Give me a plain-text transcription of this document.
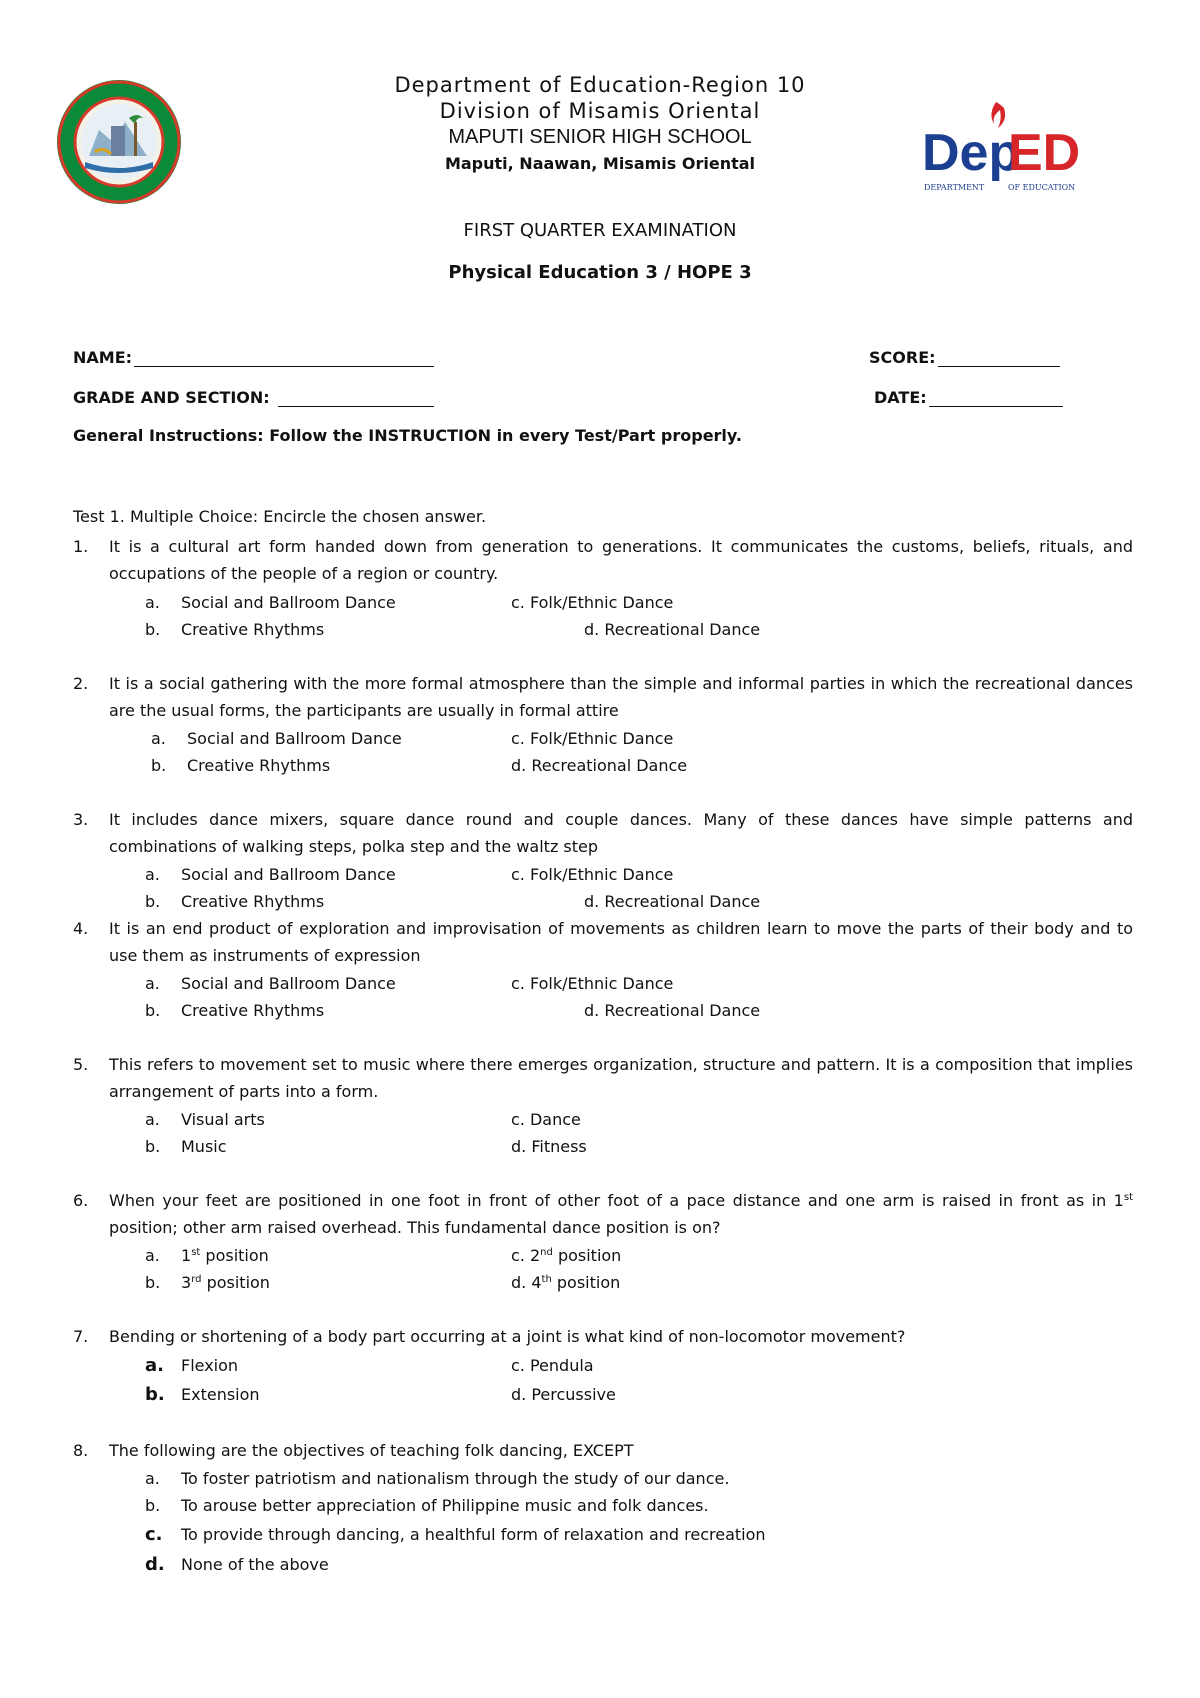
Department of Education-Region 10
Division of Misamis Oriental
MAPUTI SENIOR HIGH SCHOOL
Maputi, Naawan, Misamis Oriental	Dep
ED
DEPARTMENT	OF EDUCATION
FIRST QUARTER EXAMINATION
Physical Education 3 / HOPE 3
NAME:	SCORE:
GRADE AND SECTION:	DATE:
General Instructions: Follow the INSTRUCTION in every Test/Part properly.
Test 1. Multiple Choice: Encircle the chosen answer.
1.	It is a cultural art form handed down from generation to generations. It communicates the customs, beliefs, rituals, and occupations of the people of a region or country.
a. Social and Ballroom Dance	c. Folk/Ethnic Dance
b. Creative Rhythms	d. Recreational Dance
2.	It is a social gathering with the more formal atmosphere than the simple and informal parties in which the recreational dances are the usual forms, the participants are usually in formal attire
a. Social and Ballroom Dance	c. Folk/Ethnic Dance
b. Creative Rhythms	d. Recreational Dance
3.	It includes dance mixers, square dance round and couple dances. Many of these dances have simple patterns and combinations of walking steps, polka step and the waltz step
a. Social and Ballroom Dance	c. Folk/Ethnic Dance
b. Creative Rhythms	d. Recreational Dance
4.	It is an end product of exploration and improvisation of movements as children learn to move the parts of their body and to use them as instruments of expression
a. Social and Ballroom Dance	c. Folk/Ethnic Dance
b. Creative Rhythms	d. Recreational Dance
5.	This refers to movement set to music where there emerges organization, structure and pattern. It is a composition that implies arrangement of parts into a form.
a. Visual arts	c. Dance
b. Music	d. Fitness
6.	When your feet are positioned in one foot in front of other foot of a pace distance and one arm is raised in front as in 1st position; other arm raised overhead. This fundamental dance position is on?
a. 1st position	c. 2nd position
b. 3rd position	d. 4th position
7.	Bending or shortening of a body part occurring at a joint is what kind of non-locomotor movement?
a. Flexion	c. Pendula
b. Extension	d. Percussive
8.	The following are the objectives of teaching folk dancing, EXCEPT
a. To foster patriotism and nationalism through the study of our dance.
b. To arouse better appreciation of Philippine music and folk dances.
c. To provide through dancing, a healthful form of relaxation and recreation
d. None of the above
